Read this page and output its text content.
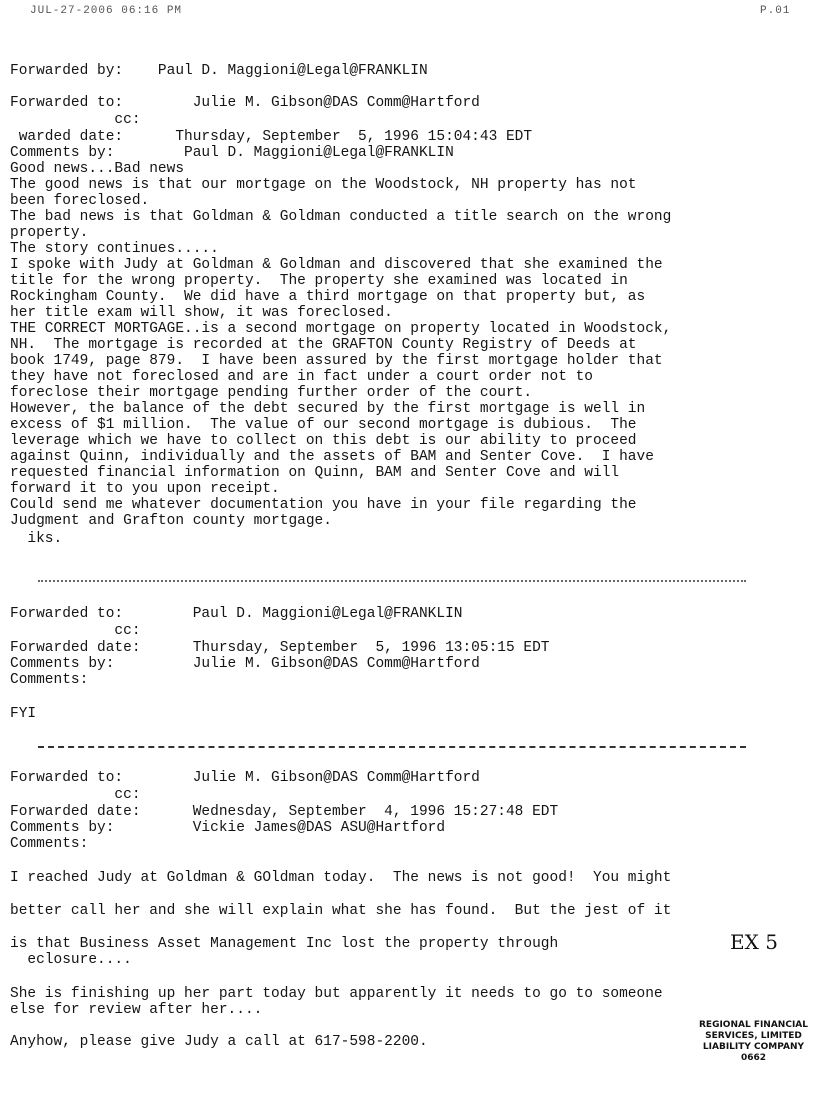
JUL-27-2006 06:16 PM	P.01
Forwarded by:    Paul D. Maggioni@Legal@FRANKLIN
Forwarded to:        Julie M. Gibson@DAS Comm@Hartford
cc:
warded date:      Thursday, September  5, 1996 15:04:43 EDT
Comments by:        Paul D. Maggioni@Legal@FRANKLIN
Good news...Bad news
The good news is that our mortgage on the Woodstock, NH property has not
been foreclosed.
The bad news is that Goldman & Goldman conducted a title search on the wrong
property.
The story continues.....
I spoke with Judy at Goldman & Goldman and discovered that she examined the
title for the wrong property.  The property she examined was located in
Rockingham County.  We did have a third mortgage on that property but, as
her title exam will show, it was foreclosed.
THE CORRECT MORTGAGE..is a second mortgage on property located in Woodstock,
NH.  The mortgage is recorded at the GRAFTON County Registry of Deeds at
book 1749, page 879.  I have been assured by the first mortgage holder that
they have not foreclosed and are in fact under a court order not to
foreclose their mortgage pending further order of the court.
However, the balance of the debt secured by the first mortgage is well in
excess of $1 million.  The value of our second mortgage is dubious.  The
leverage which we have to collect on this debt is our ability to proceed
against Quinn, individually and the assets of BAM and Senter Cove.  I have
requested financial information on Quinn, BAM and Senter Cove and will
forward it to you upon receipt.
Could send me whatever documentation you have in your file regarding the
Judgment and Grafton county mortgage.
iks.
Forwarded to:        Paul D. Maggioni@Legal@FRANKLIN
cc:
Forwarded date:      Thursday, September  5, 1996 13:05:15 EDT
Comments by:         Julie M. Gibson@DAS Comm@Hartford
Comments:
FYI
Forwarded to:        Julie M. Gibson@DAS Comm@Hartford
cc:
Forwarded date:      Wednesday, September  4, 1996 15:27:48 EDT
Comments by:         Vickie James@DAS ASU@Hartford
Comments:
I reached Judy at Goldman & GOldman today.  The news is not good!  You might
better call her and she will explain what she has found.  But the jest of it
is that Business Asset Management Inc lost the property through
eclosure....
She is finishing up her part today but apparently it needs to go to someone
else for review after her....
Anyhow, please give Judy a call at 617-598-2200.
EX 5
REGIONAL FINANCIAL
SERVICES, LIMITED
LIABILITY COMPANY
0662
